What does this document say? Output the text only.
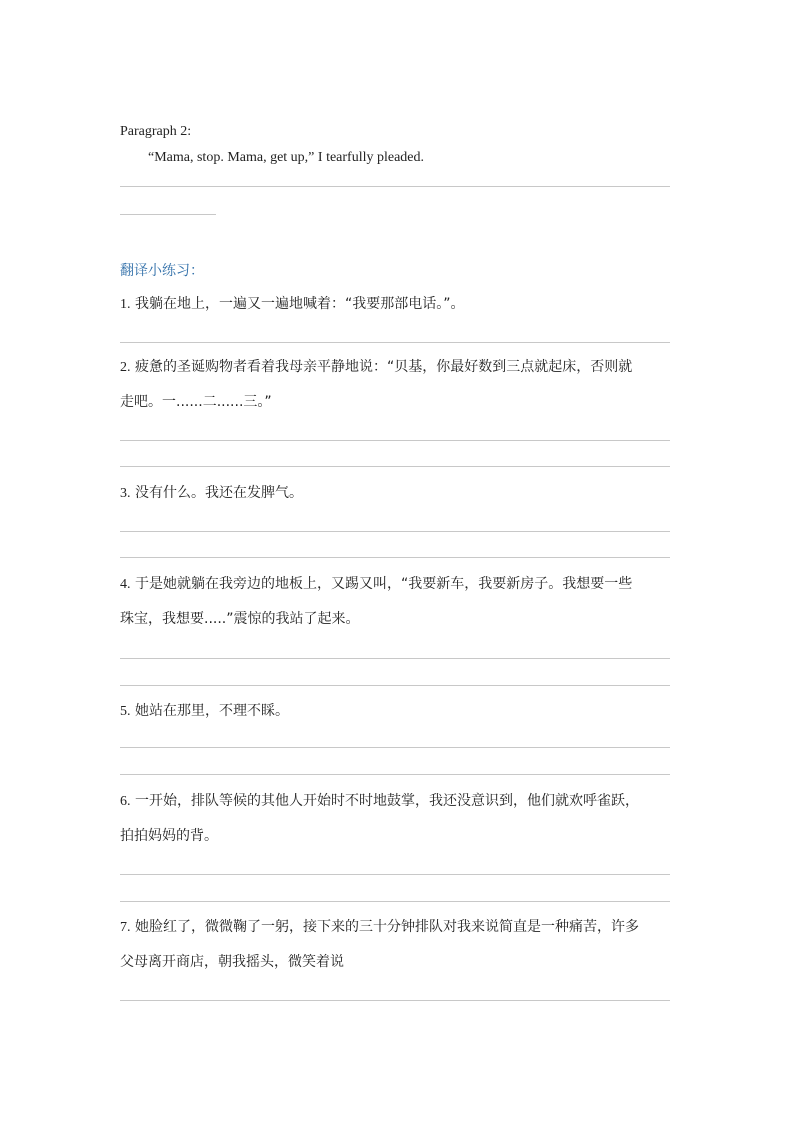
Paragraph 2:
“Mama, stop. Mama, get up,” I tearfully pleaded.
翻译小练习：
1. 我躺在地上，一遍又一遍地喊着：“我要那部电话。”。
2. 疲惫的圣诞购物者看着我母亲平静地说：“贝基，你最好数到三点就起床，否则就
走吧。一......二......三。”
3. 没有什么。我还在发脾气。
4. 于是她就躺在我旁边的地板上，又踢又叫，“我要新车，我要新房子。我想要一些
珠宝，我想要.....”震惊的我站了起来。
5. 她站在那里，不理不睬。
6. 一开始，排队等候的其他人开始时不时地鼓掌，我还没意识到，他们就欢呼雀跃，
拍拍妈妈的背。
7. 她脸红了，微微鞠了一躬，接下来的三十分钟排队对我来说简直是一种痛苦，许多
父母离开商店，朝我摇头，微笑着说
